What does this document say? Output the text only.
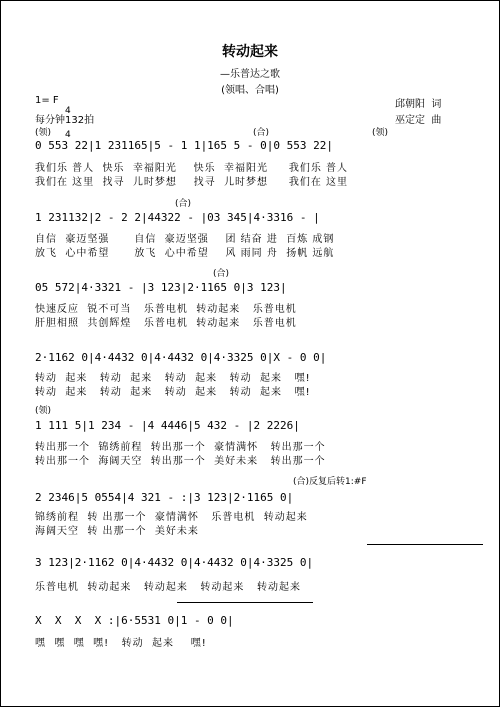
转动起来
—乐普达之歌
(领唱、合唱)
1= F

4

4

每分钟132拍
邱朝阳  词
巫定定  曲
(领)	(合)	(领)
0 553 22|1 231165|5 - 1 1|165 5 - 0|0 553 22|
我们乐 普人  快乐  幸福阳光    快乐  幸福阳光     我们乐 普人
我们在 这里  找寻  儿时梦想    找寻  儿时梦想     我们在 这里
(合)
1 231132|2 - 2 2|44322 - |03 345|4·3316 - |
自信  豪迈坚强      自信  豪迈坚强    团 结奋 进  百炼 成钢
放飞  心中希望      放飞  心中希望    风 雨同 舟  扬帆 远航
(合)
05 572|4·3321 - |3 123|2·1165 0|3 123|
快速反应  锐不可当   乐普电机  转动起来   乐普电机
肝胆相照  共创辉煌   乐普电机  转动起来   乐普电机
2·1162 0|4·4432 0|4·4432 0|4·3325 0|X - 0 0|
转动  起来   转动  起来   转动  起来   转动  起来   嘿!
转动  起来   转动  起来   转动  起来   转动  起来   嘿!
(领)
1 111 5|1 234 - |4 4446|5 432 - |2 2226|
转出那一个  锦绣前程  转出那一个  豪情满怀   转出那一个
转出那一个  海阔天空  转出那一个  美好未来   转出那一个
(合)反复后转1:#F
2 2346|5 0554|4 321 - :|3 123|2·1165 0|
锦绣前程  转 出那一个  豪情满怀   乐普电机  转动起来
海阔天空  转 出那一个  美好未来
3 123|2·1162 0|4·4432 0|4·4432 0|4·3325 0|
乐普电机  转动起来   转动起来   转动起来   转动起来
X  X  X  X :|6·5531 0|1 - 0 0|
嘿  嘿  嘿  嘿!   转动  起来    嘿!
